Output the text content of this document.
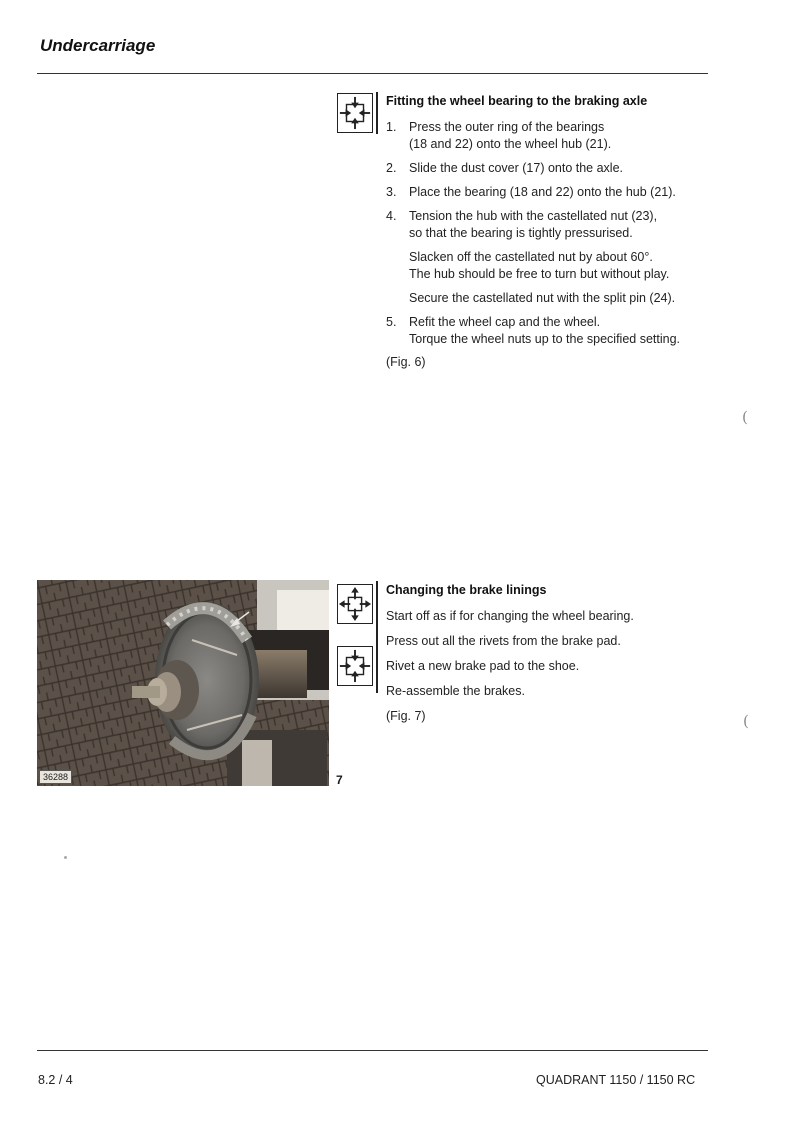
Undercarriage
Fitting the wheel bearing to the braking axle
1. Press the outer ring of the bearings
(18 and 22) onto the wheel hub (21).
2. Slide the dust cover (17) onto the axle.
3. Place the bearing (18 and 22) onto the hub (21).
4. Tension the hub with the castellated nut (23),
so that the bearing is tightly pressurised.
Slacken off the castellated nut by about 60°.
The hub should be free to turn but without play.
Secure the castellated nut with the split pin (24).
5. Refit the wheel cap and the wheel.
Torque the wheel nuts up to the specified setting.
(Fig. 6)
(
36288	7
Changing the brake linings
Start off as if for changing the wheel bearing.
Press out all the rivets from the brake pad.
Rivet a new brake pad to the shoe.
Re-assemble the brakes.
(Fig. 7)	(
8.2 / 4	QUADRANT 1150 / 1150 RC
